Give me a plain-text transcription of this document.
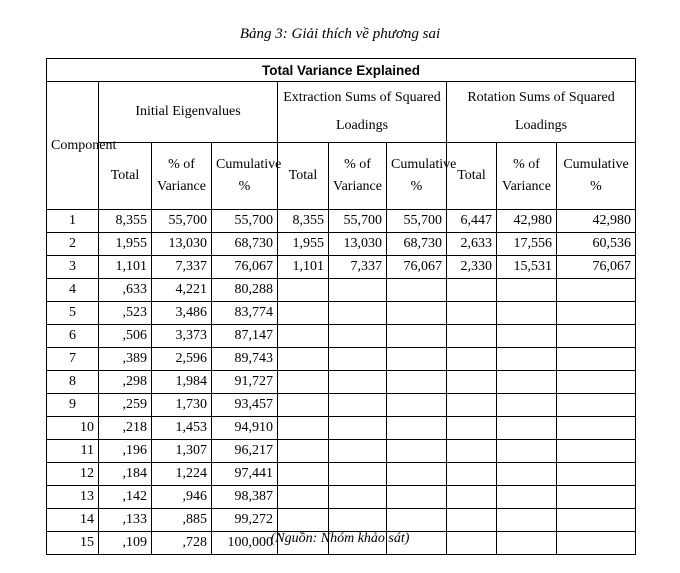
Bảng 3: Giải thích về phương sai
Total Variance Explained									
Component	Initial Eigenvalues			Extraction Sums of Squared Loadings			Rotation Sums of Squared Loadings		
	Total	% of Variance	Cumulative %	Total	% of Variance	Cumulative %	Total	% of Variance	Cumulative %
1	8,355	55,700	55,700	8,355	55,700	55,700	6,447	42,980	42,980
2	1,955	13,030	68,730	1,955	13,030	68,730	2,633	17,556	60,536
3	1,101	7,337	76,067	1,101	7,337	76,067	2,330	15,531	76,067
4	,633	4,221	80,288						
5	,523	3,486	83,774						
6	,506	3,373	87,147						
7	,389	2,596	89,743						
8	,298	1,984	91,727						
9	,259	1,730	93,457						
10	,218	1,453	94,910						
11	,196	1,307	96,217						
12	,184	1,224	97,441						
13	,142	,946	98,387						
14	,133	,885	99,272						
15	,109	,728	100,000						
(Nguồn: Nhóm khảo sát)
